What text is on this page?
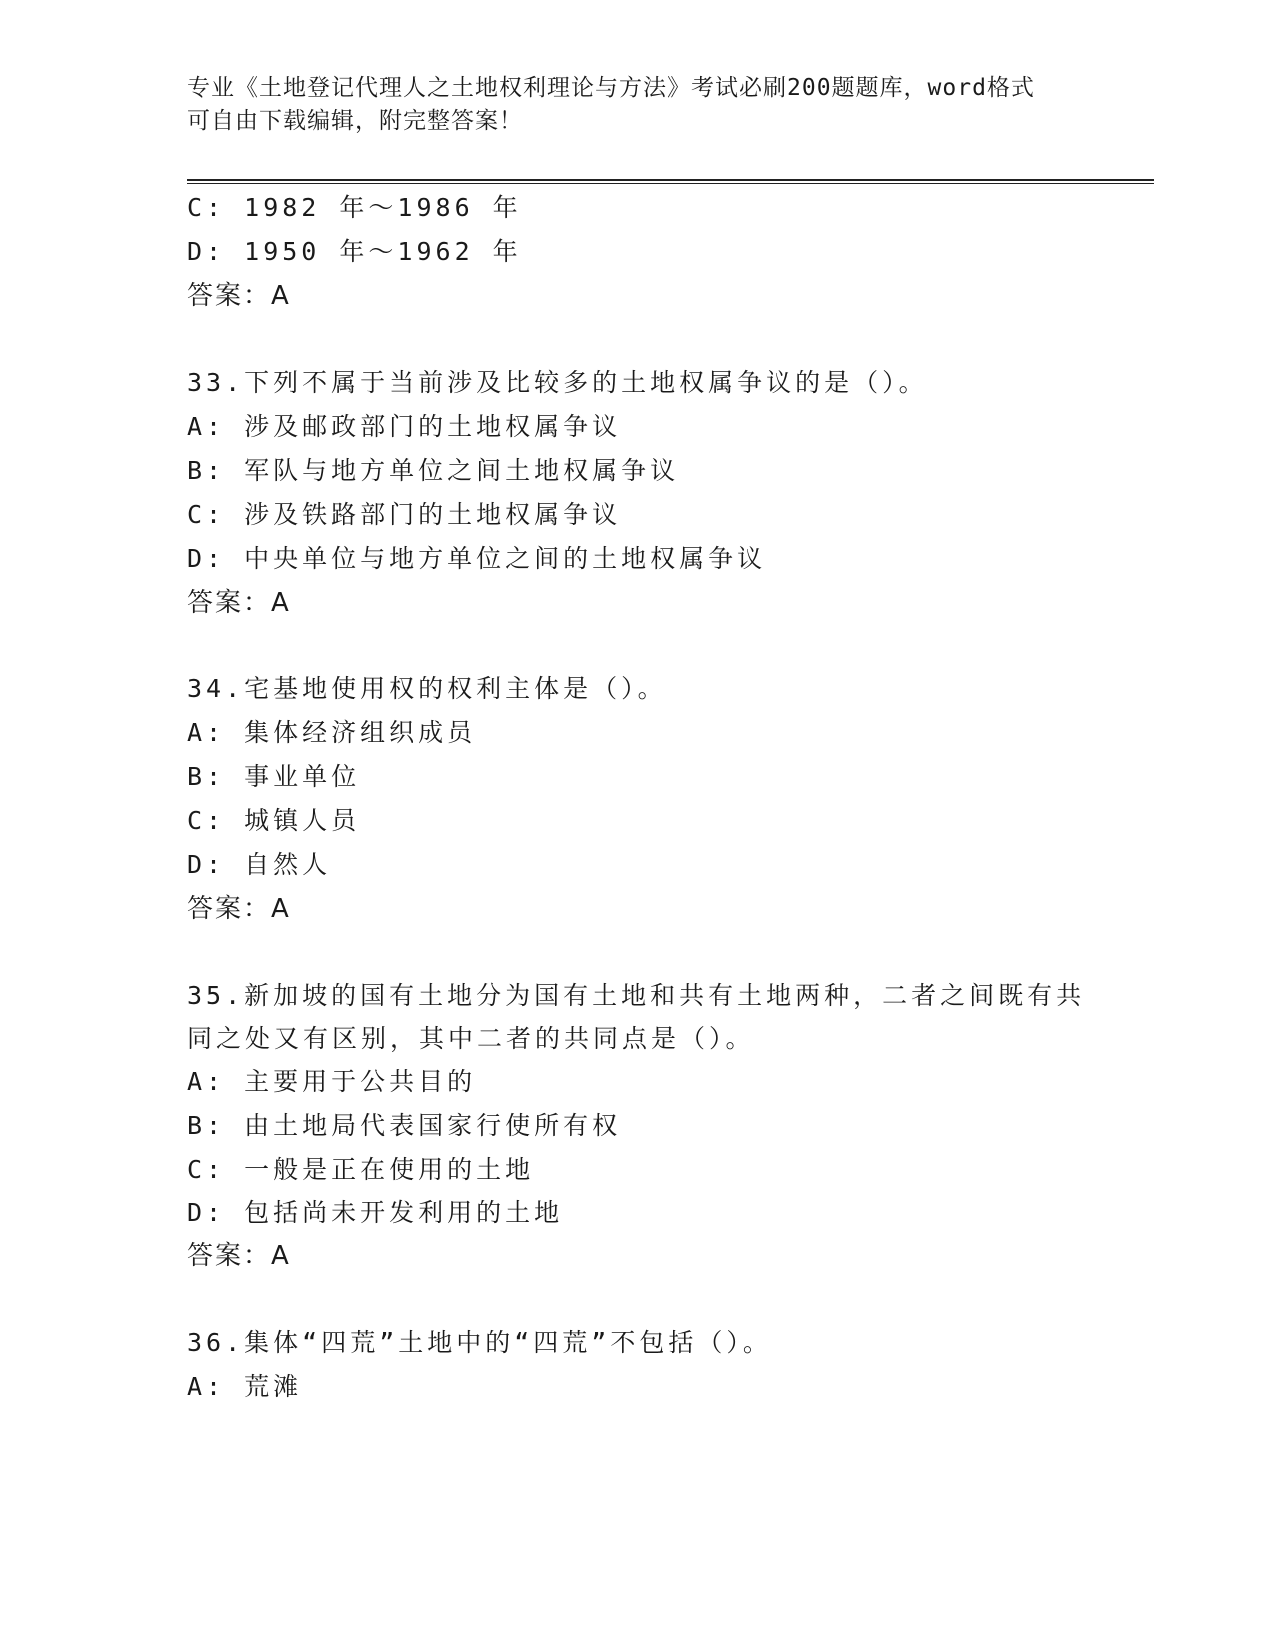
专业《土地登记代理人之土地权利理论与方法》考试必刷200题题库，word格式
可自由下载编辑，附完整答案！
C: 1982 年～1986 年
D: 1950 年～1962 年
答案：A
33.下列不属于当前涉及比较多的土地权属争议的是（）。
A: 涉及邮政部门的土地权属争议
B: 军队与地方单位之间土地权属争议
C: 涉及铁路部门的土地权属争议
D: 中央单位与地方单位之间的土地权属争议
答案：A
34.宅基地使用权的权利主体是（）。
A: 集体经济组织成员
B: 事业单位
C: 城镇人员
D: 自然人
答案：A
35.新加坡的国有土地分为国有土地和共有土地两种，二者之间既有共
同之处又有区别，其中二者的共同点是（）。
A: 主要用于公共目的
B: 由土地局代表国家行使所有权
C: 一般是正在使用的土地
D: 包括尚未开发利用的土地
答案：A
36.集体“四荒”土地中的“四荒”不包括（）。
A: 荒滩
